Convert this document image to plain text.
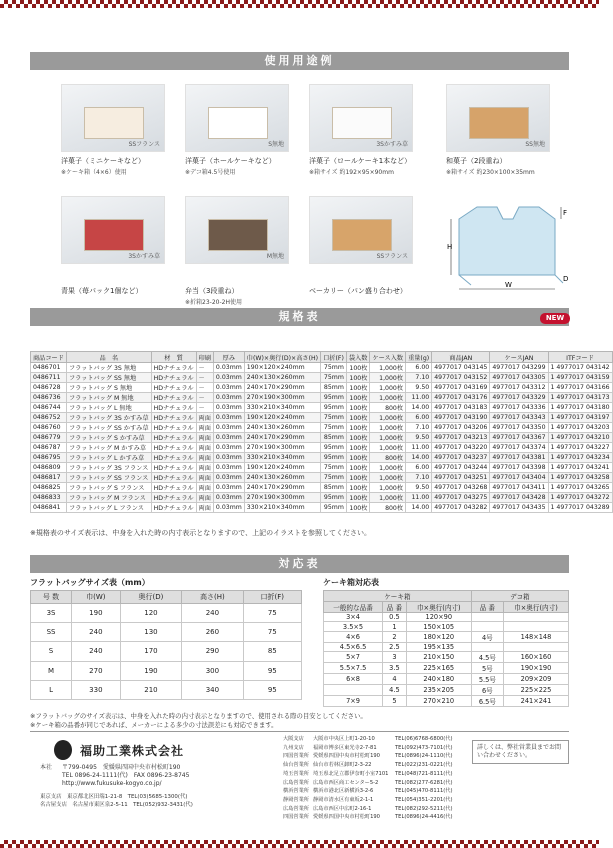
使用用途例
SSフランス
洋菓子（ミニケーキなど）
※ケーキ箱（4×6）使用
S無地
洋菓子（ホールケーキなど）
※デコ箱4.5号使用
3Sかすみ草
洋菓子（ロールケーキ1本など）
※箱サイズ 約192×95×90mm
SS無地
和菓子（2段重ね）
※箱サイズ 約230×100×35mm
3Sかすみ草
青果（苺パック1個など）
M無地
弁当（3段重ね）
※折箱23-20-2H使用
SSフランス
ベーカリー（パン盛り合わせ）
H
F
W
D
規格表	NEW
商品コード	品　名	材　質	印刷	厚み	巾(W)×奥行(D)×高さ(H)	口折(F)	袋入数	ケース入数	重量(g)	商品JAN	ケースJAN	ITFコード
0486701	フラットバッグ 3S 無地	HDナチュラル	－	0.03mm	190×120×240mm	75mm	100枚	1,000枚	6.00	4977017 043145	4977017 043299	1 4977017 043142
0486711	フラットバッグ SS 無地	HDナチュラル	－	0.03mm	240×130×260mm	75mm	100枚	1,000枚	7.10	4977017 043152	4977017 043305	1 4977017 043159
0486728	フラットバッグ S 無地	HDナチュラル	－	0.03mm	240×170×290mm	85mm	100枚	1,000枚	9.50	4977017 043169	4977017 043312	1 4977017 043166
0486736	フラットバッグ M 無地	HDナチュラル	－	0.03mm	270×190×300mm	95mm	100枚	1,000枚	11.00	4977017 043176	4977017 043329	1 4977017 043173
0486744	フラットバッグ L 無地	HDナチュラル	－	0.03mm	330×210×340mm	95mm	100枚	800枚	14.00	4977017 043183	4977017 043336	1 4977017 043180
0486752	フラットバッグ 3S かすみ草	HDナチュラル	両面	0.03mm	190×120×240mm	75mm	100枚	1,000枚	6.00	4977017 043190	4977017 043343	1 4977017 043197
0486760	フラットバッグ SS かすみ草	HDナチュラル	両面	0.03mm	240×130×260mm	75mm	100枚	1,000枚	7.10	4977017 043206	4977017 043350	1 4977017 043203
0486779	フラットバッグ S かすみ草	HDナチュラル	両面	0.03mm	240×170×290mm	85mm	100枚	1,000枚	9.50	4977017 043213	4977017 043367	1 4977017 043210
0486787	フラットバッグ M かすみ草	HDナチュラル	両面	0.03mm	270×190×300mm	95mm	100枚	1,000枚	11.00	4977017 043220	4977017 043374	1 4977017 043227
0486795	フラットバッグ L かすみ草	HDナチュラル	両面	0.03mm	330×210×340mm	95mm	100枚	800枚	14.00	4977017 043237	4977017 043381	1 4977017 043234
0486809	フラットバッグ 3S フランス	HDナチュラル	両面	0.03mm	190×120×240mm	75mm	100枚	1,000枚	6.00	4977017 043244	4977017 043398	1 4977017 043241
0486817	フラットバッグ SS フランス	HDナチュラル	両面	0.03mm	240×130×260mm	75mm	100枚	1,000枚	7.10	4977017 043251	4977017 043404	1 4977017 043258
0486825	フラットバッグ S フランス	HDナチュラル	両面	0.03mm	240×170×290mm	85mm	100枚	1,000枚	9.50	4977017 043268	4977017 043411	1 4977017 043265
0486833	フラットバッグ M フランス	HDナチュラル	両面	0.03mm	270×190×300mm	95mm	100枚	1,000枚	11.00	4977017 043275	4977017 043428	1 4977017 043272
0486841	フラットバッグ L フランス	HDナチュラル	両面	0.03mm	330×210×340mm	95mm	100枚	800枚	14.00	4977017 043282	4977017 043435	1 4977017 043289
※規格表のサイズ表示は、中身を入れた時の内寸表示となりますので、上記のイラストを参照してください。
対応表
フラットバッグサイズ表（mm）	ケーキ箱対応表
号 数	巾(W)	奥行(D)	高さ(H)	口折(F)
3S	190	120	240	75
SS	240	130	260	75
S	240	170	290	85
M	270	190	300	95
L	330	210	340	95
ケーキ箱			デコ箱	
一般的な品番	品 番	巾×奥行(内寸)	品 番	巾×奥行(内寸)
3×4	0.5	120×90		
3.5×5	1	150×105		
4×6	2	180×120	4号	148×148
4.5×6.5	2.5	195×135		
5×7	3	210×150	4.5号	160×160
5.5×7.5	3.5	225×165	5号	190×190
6×8	4	240×180	5.5号	209×209
	4.5	235×205	6号	225×225
7×9	5	270×210	6.5号	241×241
※フラットバッグのサイズ表示は、中身を入れた時の内寸表示となりますので、使用される際の目安としてください。
※ケーキ箱の品番が同じであれば、メーカーによる多少の寸法誤差にも対応できます。
福助工業株式会社
本社 〒799-0495　愛媛県四国中央市村松町190
TEL 0896-24-1111(代)　FAX 0896-23-8745
http://www.fukusuke-kogyo.co.jp/
東京支店　東京都北区田端1-21-8　TEL(03)5685-1300(代)
名古屋支店　名古屋市東区泉2-5-11　TEL(052)932-3431(代)
大阪支店 大阪市中央区上町1-20-10	TEL(06)6768-6800(代)
九州支店 福岡市博多区東光寺2-7-81	TEL(092)473-7101(代)
四国営業所 愛媛県四国中央市村松町190	TEL(0896)24-1110(代)
仙台営業所 仙台市若林区卸町2-3-22	TEL(022)231-0221(代)
埼玉営業所 埼玉県北足立郡伊奈町小室7101 TEL(048)721-8111(代)
広島営業所 広島市西区商工センター5-2	TEL(082)277-6281(代)
横浜営業所 横浜市港北区新横浜3-2-6	TEL(045)470-8111(代)
静岡営業所 静岡市清水区有東坂2-1-1	TEL(054)351-2201(代)
広島営業所 広島市西区中広町2-16-1	TEL(082)292-5211(代)
四国営業所 愛媛県四国中央市村松町190	TEL(0896)24-4416(代)
詳しくは、弊社営業員までお問い合わせください。
